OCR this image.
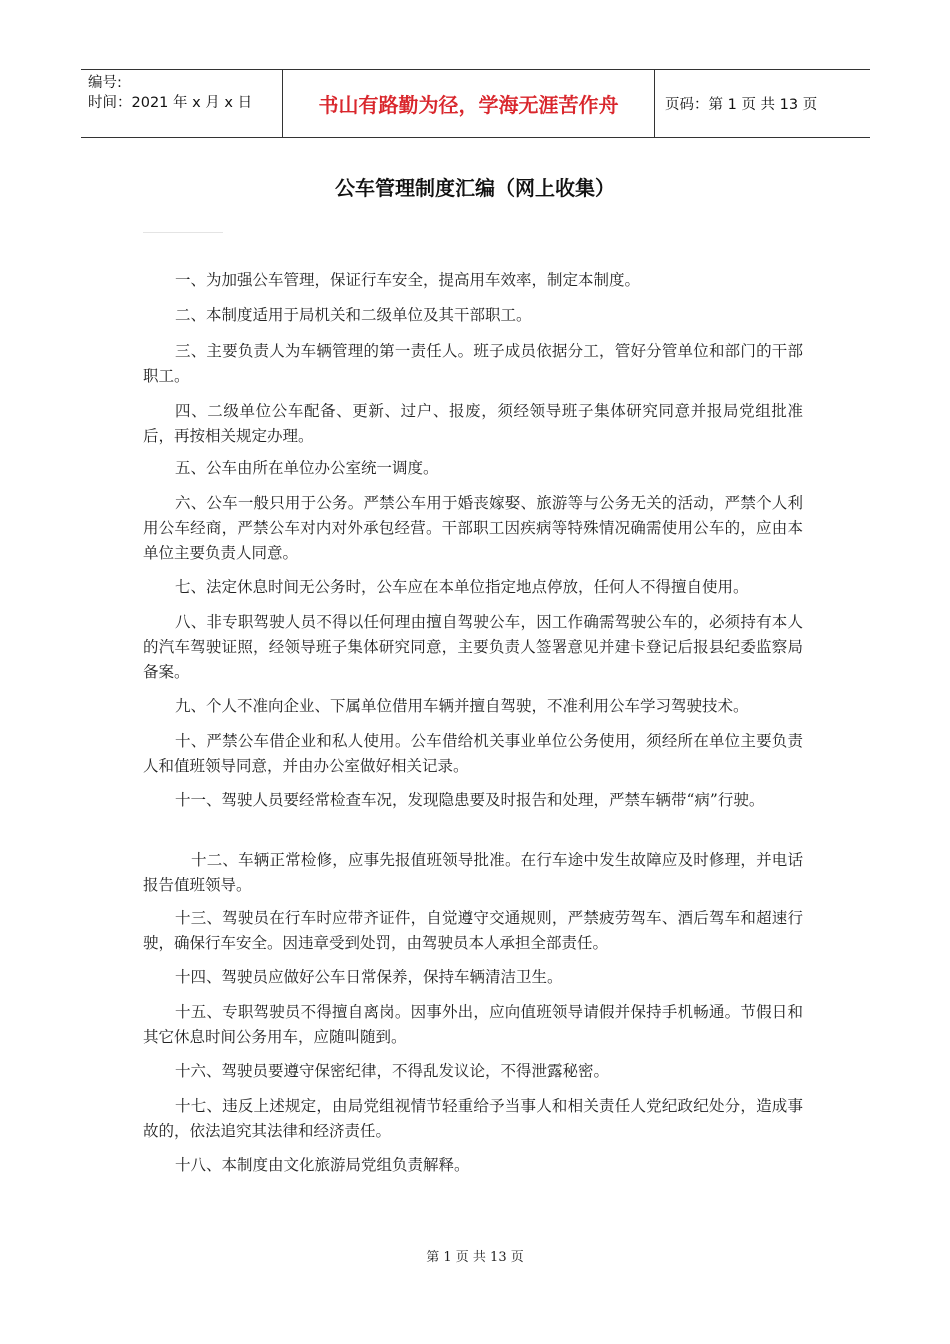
编号:
时间：2021 年 x 月 x 日	书山有路勤为径，学海无涯苦作舟	页码：第 1 页 共 13 页
公车管理制度汇编（网上收集）

一、为加强公车管理，保证行车安全，提高用车效率，制定本制度。

二、本制度适用于局机关和二级单位及其干部职工。

三、主要负责人为车辆管理的第一责任人。班子成员依据分工，管好分管单位和部门的干部职工。

四、二级单位公车配备、更新、过户、报废，须经领导班子集体研究同意并报局党组批准后，再按相关规定办理。

五、公车由所在单位办公室统一调度。

六、公车一般只用于公务。严禁公车用于婚丧嫁娶、旅游等与公务无关的活动，严禁个人利用公车经商，严禁公车对内对外承包经营。干部职工因疾病等特殊情况确需使用公车的，应由本单位主要负责人同意。

七、法定休息时间无公务时，公车应在本单位指定地点停放，任何人不得擅自使用。

八、非专职驾驶人员不得以任何理由擅自驾驶公车，因工作确需驾驶公车的，必须持有本人的汽车驾驶证照，经领导班子集体研究同意，主要负责人签署意见并建卡登记后报县纪委监察局备案。

九、个人不准向企业、下属单位借用车辆并擅自驾驶，不准利用公车学习驾驶技术。

十、严禁公车借企业和私人使用。公车借给机关事业单位公务使用，须经所在单位主要负责人和值班领导同意，并由办公室做好相关记录。

十一、驾驶人员要经常检查车况，发现隐患要及时报告和处理，严禁车辆带“病”行驶。

十二、车辆正常检修，应事先报值班领导批准。在行车途中发生故障应及时修理，并电话报告值班领导。

十三、驾驶员在行车时应带齐证件，自觉遵守交通规则，严禁疲劳驾车、酒后驾车和超速行驶，确保行车安全。因违章受到处罚，由驾驶员本人承担全部责任。

十四、驾驶员应做好公车日常保养，保持车辆清洁卫生。

十五、专职驾驶员不得擅自离岗。因事外出，应向值班领导请假并保持手机畅通。节假日和其它休息时间公务用车，应随叫随到。

十六、驾驶员要遵守保密纪律，不得乱发议论，不得泄露秘密。

十七、违反上述规定，由局党组视情节轻重给予当事人和相关责任人党纪政纪处分，造成事故的，依法追究其法律和经济责任。

十八、本制度由文化旅游局党组负责解释。

第 1 页 共 13 页
